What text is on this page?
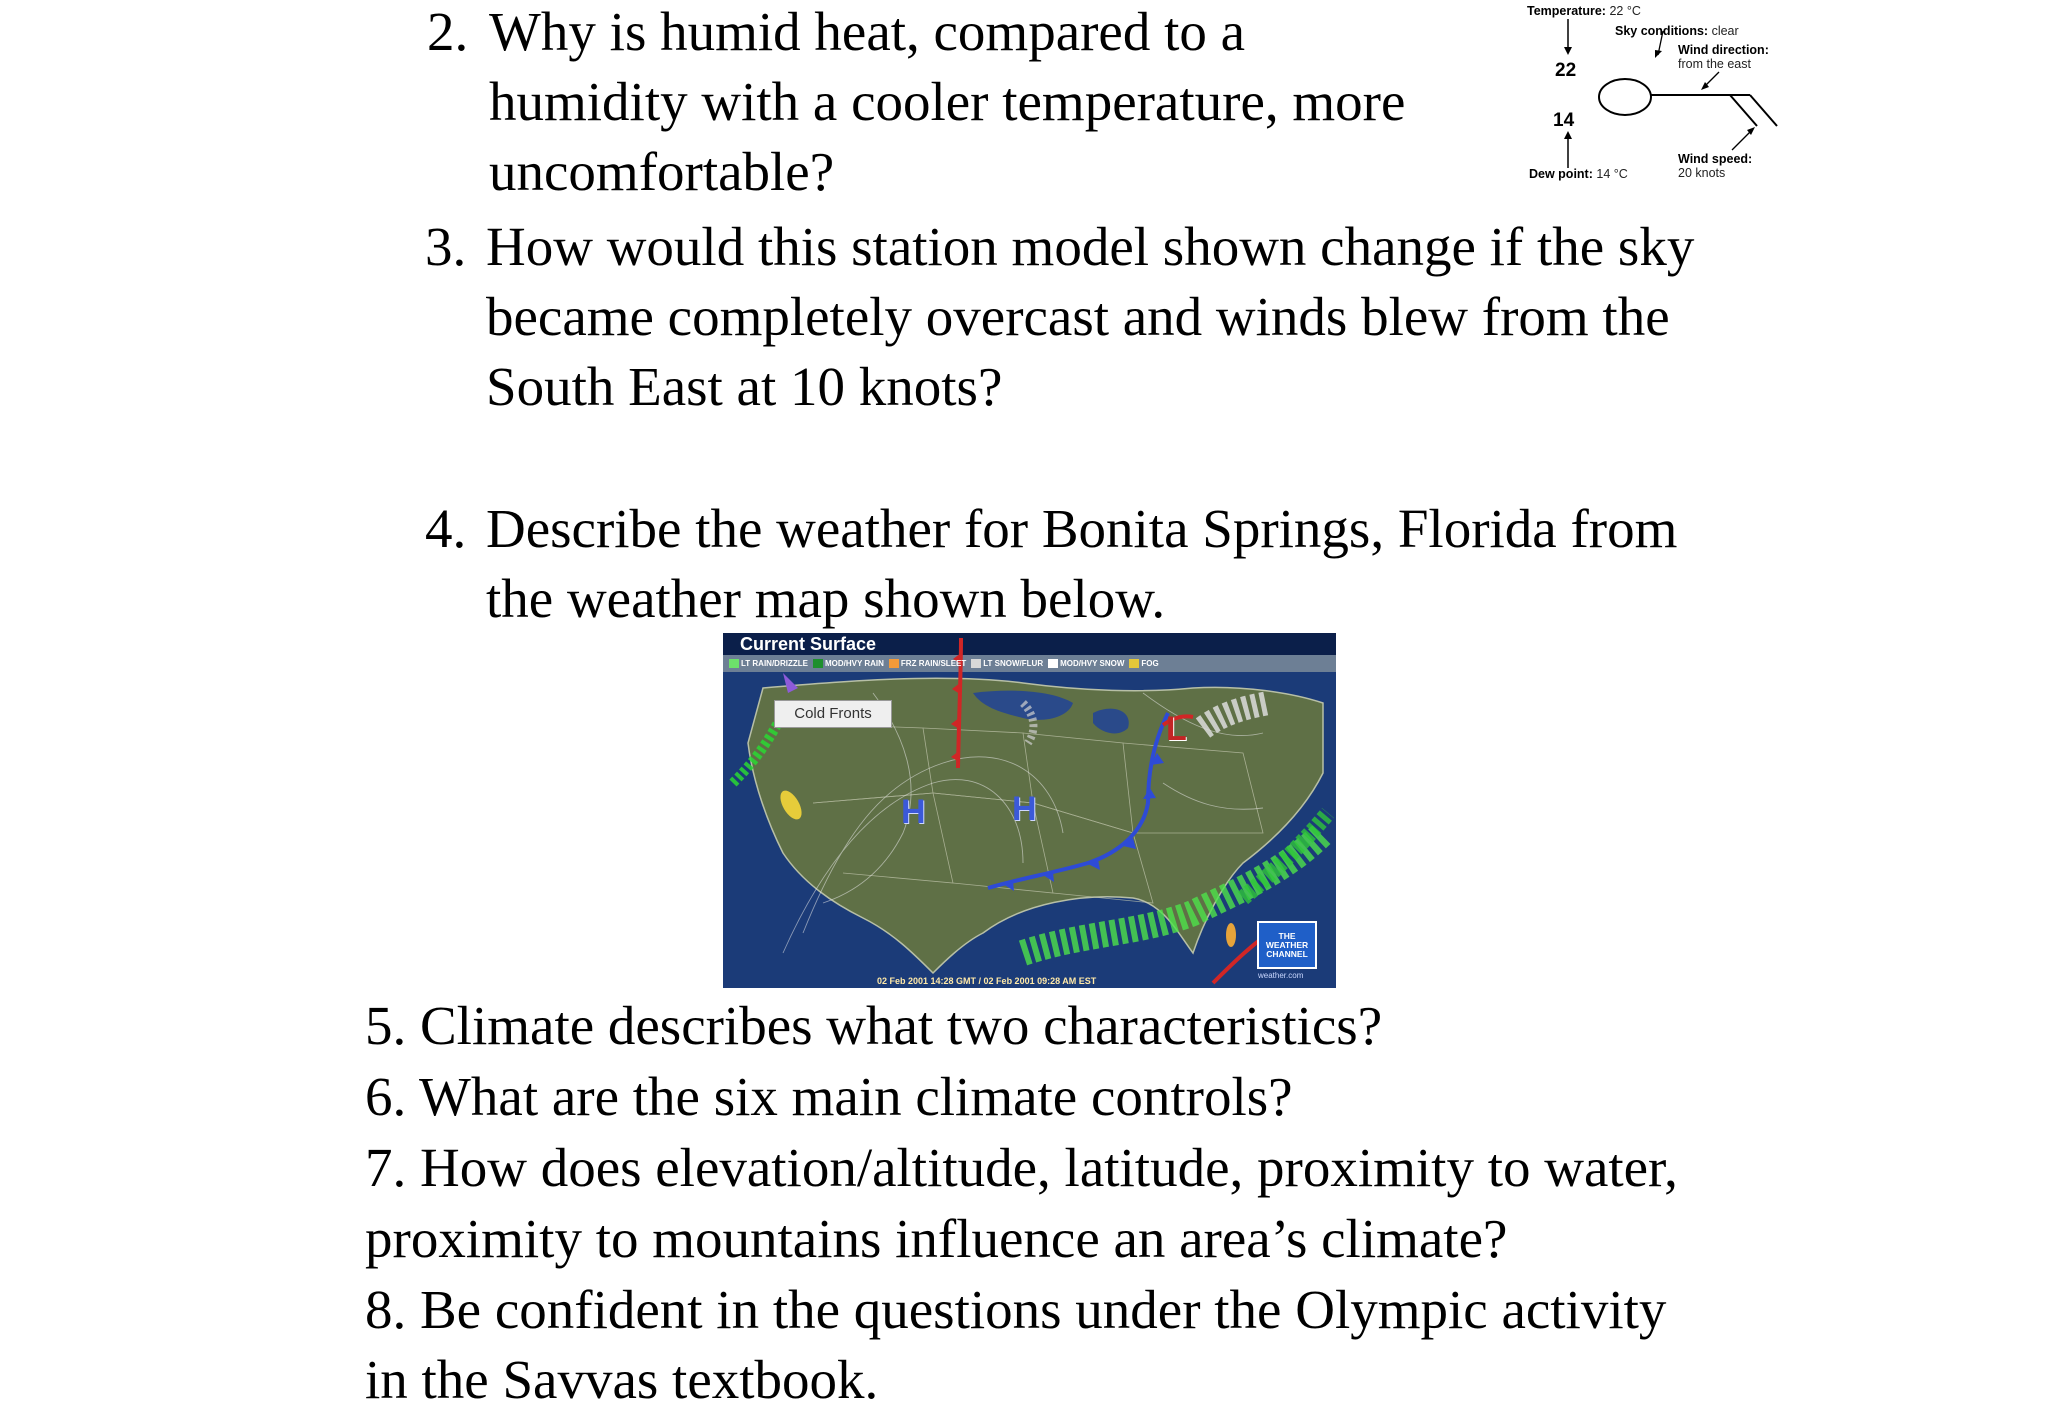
2. Why is humid heat, compared to a
humidity with a cooler temperature, more
uncomfortable?
Temperature: 22 °C
Sky conditions: clear
Wind direction:
from the east
22
14
Dew point: 14 °C
Wind speed:
20 knots
3. How would this station model shown change if the sky
became completely overcast and winds blew from the
South East at 10 knots?
4. Describe the weather for Bonita Springs, Florida from
the weather map shown below.
Current Surface
LT RAIN/DRIZZLE MOD/HVY RAIN FRZ RAIN/SLEET LT SNOW/FLUR MOD/HVY SNOW FOG
Cold Fronts
H	H
L
THE
WEATHER
CHANNEL
02 Feb 2001 14:28 GMT / 02 Feb 2001 09:28 AM EST
weather.com
5. Climate describes what two characteristics?
6. What are the six main climate controls?
7. How does elevation/altitude, latitude, proximity to water,
proximity to mountains influence an area’s climate?
8. Be confident in the questions under the Olympic activity
in the Savvas textbook.
